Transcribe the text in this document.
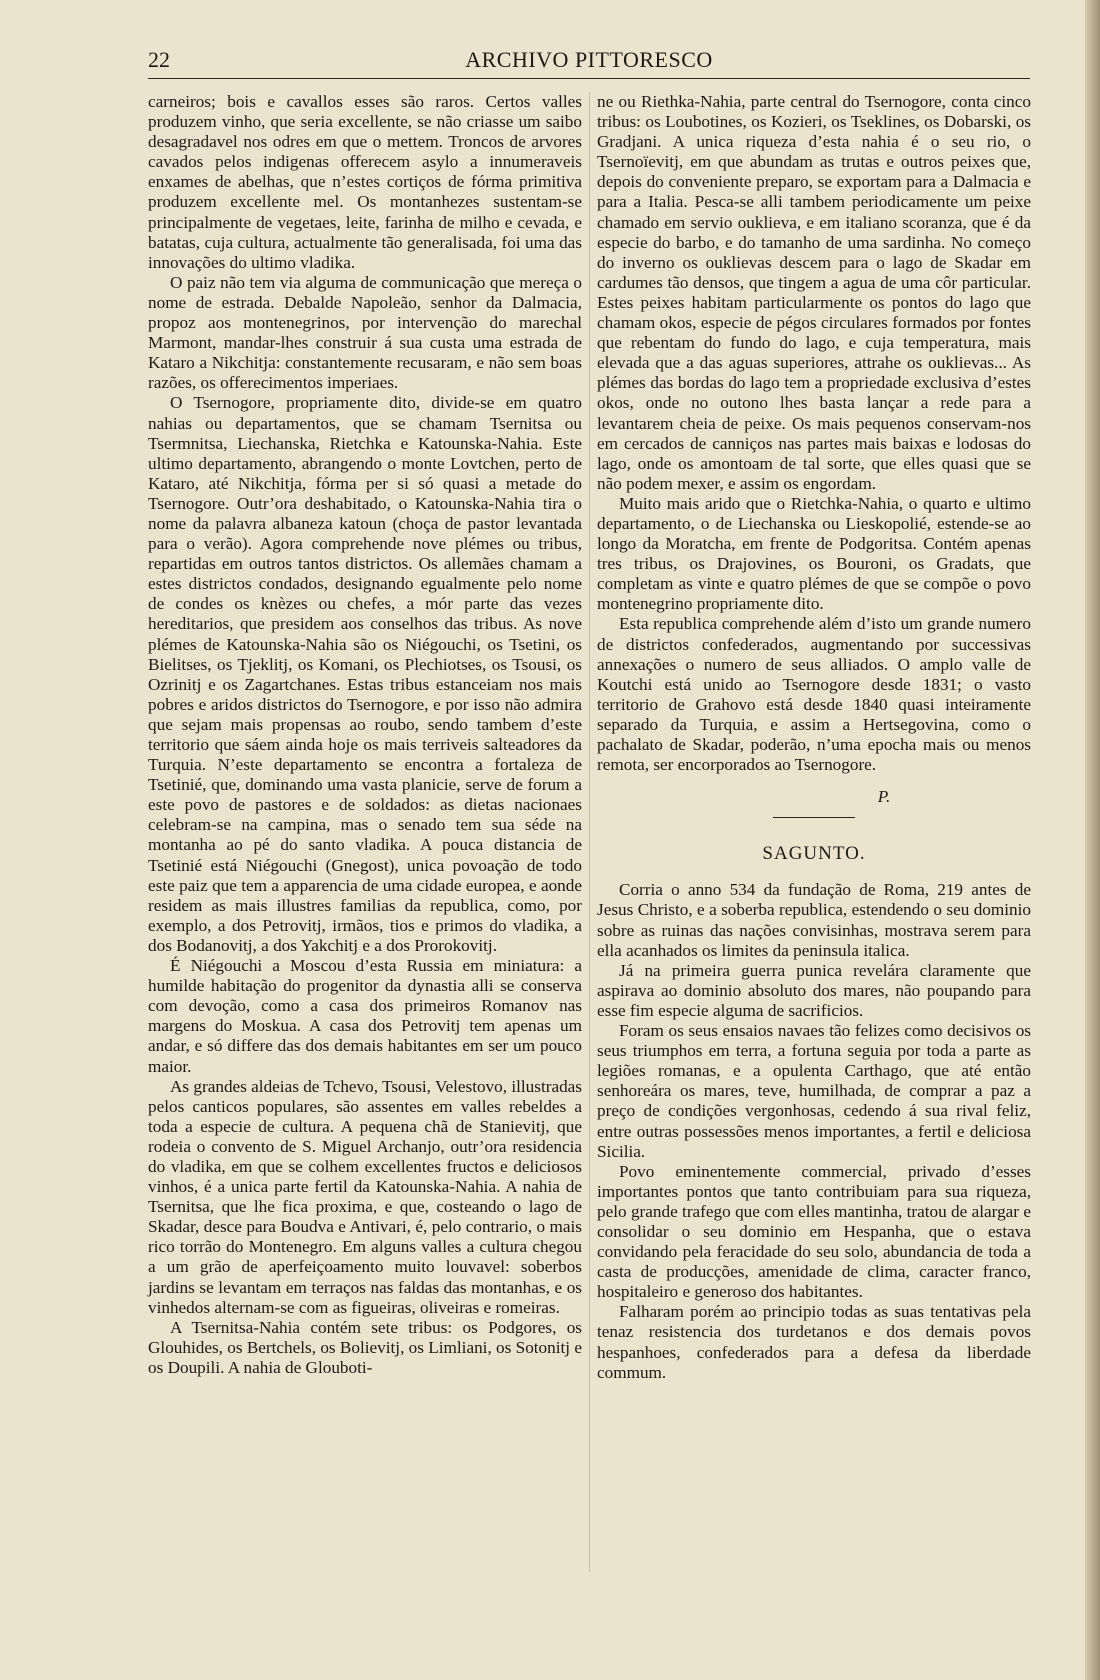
22	ARCHIVO PITTORESCO

carneiros; bois e cavallos esses são raros. Certos valles produzem vinho, que seria excellente, se não criasse um saibo desagradavel nos odres em que o mettem. Troncos de arvores cavados pelos indigenas offerecem asylo a innumeraveis enxames de abelhas, que n’estes cortiços de fórma primitiva produzem excellente mel. Os montanhezes sustentam-se principalmente de vegetaes, leite, farinha de milho e cevada, e batatas, cuja cultura, actualmente tão generalisada, foi uma das innovações do ultimo vladika.

O paiz não tem via alguma de communicação que mereça o nome de estrada. Debalde Napoleão, senhor da Dalmacia, propoz aos montenegrinos, por intervenção do marechal Marmont, mandar-lhes construir á sua custa uma estrada de Kataro a Nikchitja: constantemente recusaram, e não sem boas razões, os offerecimentos imperiaes.

O Tsernogore, propriamente dito, divide-se em quatro nahias ou departamentos, que se chamam Tsernitsa ou Tsermnitsa, Liechanska, Rietchka e Katounska-Nahia. Este ultimo departamento, abrangendo o monte Lovtchen, perto de Kataro, até Nikchitja, fórma per si só quasi a metade do Tsernogore. Outr’ora deshabitado, o Katounska-Nahia tira o nome da palavra albaneza katoun (choça de pastor levantada para o verão). Agora comprehende nove plémes ou tribus, repartidas em outros tantos districtos. Os allemães chamam a estes districtos condados, designando egualmente pelo nome de condes os knèzes ou chefes, a mór parte das vezes hereditarios, que presidem aos conselhos das tribus. As nove plémes de Katounska-Nahia são os Niégouchi, os Tsetini, os Bielitses, os Tjeklitj, os Komani, os Plechiotses, os Tsousi, os Ozrinitj e os Zagartchanes. Estas tribus estanceiam nos mais pobres e aridos districtos do Tsernogore, e por isso não admira que sejam mais propensas ao roubo, sendo tambem d’este territorio que sáem ainda hoje os mais terriveis salteadores da Turquia. N’este departamento se encontra a fortaleza de Tsetinié, que, dominando uma vasta planicie, serve de forum a este povo de pastores e de soldados: as dietas nacionaes celebram-se na campina, mas o senado tem sua séde na montanha ao pé do santo vladika. A pouca distancia de Tsetinié está Niégouchi (Gnegost), unica povoação de todo este paiz que tem a apparencia de uma cidade europea, e aonde residem as mais illustres familias da republica, como, por exemplo, a dos Petrovitj, irmãos, tios e primos do vladika, a dos Bodanovitj, a dos Yakchitj e a dos Prorokovitj.

É Niégouchi a Moscou d’esta Russia em miniatura: a humilde habitação do progenitor da dynastia alli se conserva com devoção, como a casa dos primeiros Romanov nas margens do Moskua. A casa dos Petrovitj tem apenas um andar, e só differe das dos demais habitantes em ser um pouco maior.

As grandes aldeias de Tchevo, Tsousi, Velestovo, illustradas pelos canticos populares, são assentes em valles rebeldes a toda a especie de cultura. A pequena chã de Stanievitj, que rodeia o convento de S. Miguel Archanjo, outr’ora residencia do vladika, em que se colhem excellentes fructos e deliciosos vinhos, é a unica parte fertil da Katounska-Nahia. A nahia de Tsernitsa, que lhe fica proxima, e que, costeando o lago de Skadar, desce para Boudva e Antivari, é, pelo contrario, o mais rico torrão do Montenegro. Em alguns valles a cultura chegou a um grão de aperfeiçoamento muito louvavel: soberbos jardins se levantam em terraços nas faldas das montanhas, e os vinhedos alternam-se com as figueiras, oliveiras e romeiras.

A Tsernitsa-Nahia contém sete tribus: os Podgores, os Glouhides, os Bertchels, os Bolievitj, os Limliani, os Sotonitj e os Doupili. A nahia de Glouboti-

ne ou Riethka-Nahia, parte central do Tsernogore, conta cinco tribus: os Loubotines, os Kozieri, os Tseklines, os Dobarski, os Gradjani. A unica riqueza d’esta nahia é o seu rio, o Tsernoïevitj, em que abundam as trutas e outros peixes que, depois do conveniente preparo, se exportam para a Dalmacia e para a Italia. Pesca-se alli tambem periodicamente um peixe chamado em servio ouklieva, e em italiano scoranza, que é da especie do barbo, e do tamanho de uma sardinha. No começo do inverno os ouklievas descem para o lago de Skadar em cardumes tão densos, que tingem a agua de uma côr particular. Estes peixes habitam particularmente os pontos do lago que chamam okos, especie de pégos circulares formados por fontes que rebentam do fundo do lago, e cuja temperatura, mais elevada que a das aguas superiores, attrahe os ouklievas... As plémes das bordas do lago tem a propriedade exclusiva d’estes okos, onde no outono lhes basta lançar a rede para a levantarem cheia de peixe. Os mais pequenos conservam-nos em cercados de canniços nas partes mais baixas e lodosas do lago, onde os amontoam de tal sorte, que elles quasi que se não podem mexer, e assim os engordam.

Muito mais arido que o Rietchka-Nahia, o quarto e ultimo departamento, o de Liechanska ou Lieskopolié, estende-se ao longo da Moratcha, em frente de Podgoritsa. Contém apenas tres tribus, os Drajovines, os Bouroni, os Gradats, que completam as vinte e quatro plémes de que se compõe o povo montenegrino propriamente dito.

Esta republica comprehende além d’isto um grande numero de districtos confederados, augmentando por successivas annexações o numero de seus alliados. O amplo valle de Koutchi está unido ao Tsernogore desde 1831; o vasto territorio de Grahovo está desde 1840 quasi inteiramente separado da Turquia, e assim a Hertsegovina, como o pachalato de Skadar, poderão, n’uma epocha mais ou menos remota, ser encorporados ao Tsernogore.

P.

SAGUNTO.

Corria o anno 534 da fundação de Roma, 219 antes de Jesus Christo, e a soberba republica, estendendo o seu dominio sobre as ruinas das nações convisinhas, mostrava serem para ella acanhados os limites da peninsula italica.

Já na primeira guerra punica revelára claramente que aspirava ao dominio absoluto dos mares, não poupando para esse fim especie alguma de sacrificios.

Foram os seus ensaios navaes tão felizes como decisivos os seus triumphos em terra, a fortuna seguia por toda a parte as legiões romanas, e a opulenta Carthago, que até então senhoreára os mares, teve, humilhada, de comprar a paz a preço de condições vergonhosas, cedendo á sua rival feliz, entre outras possessões menos importantes, a fertil e deliciosa Sicilia.

Povo eminentemente commercial, privado d’esses importantes pontos que tanto contribuiam para sua riqueza, pelo grande trafego que com elles mantinha, tratou de alargar e consolidar o seu dominio em Hespanha, que o estava convidando pela feracidade do seu solo, abundancia de toda a casta de producções, amenidade de clima, caracter franco, hospitaleiro e generoso dos habitantes.

Falharam porém ao principio todas as suas tentativas pela tenaz resistencia dos turdetanos e dos demais povos hespanhoes, confederados para a defesa da liberdade commum.
